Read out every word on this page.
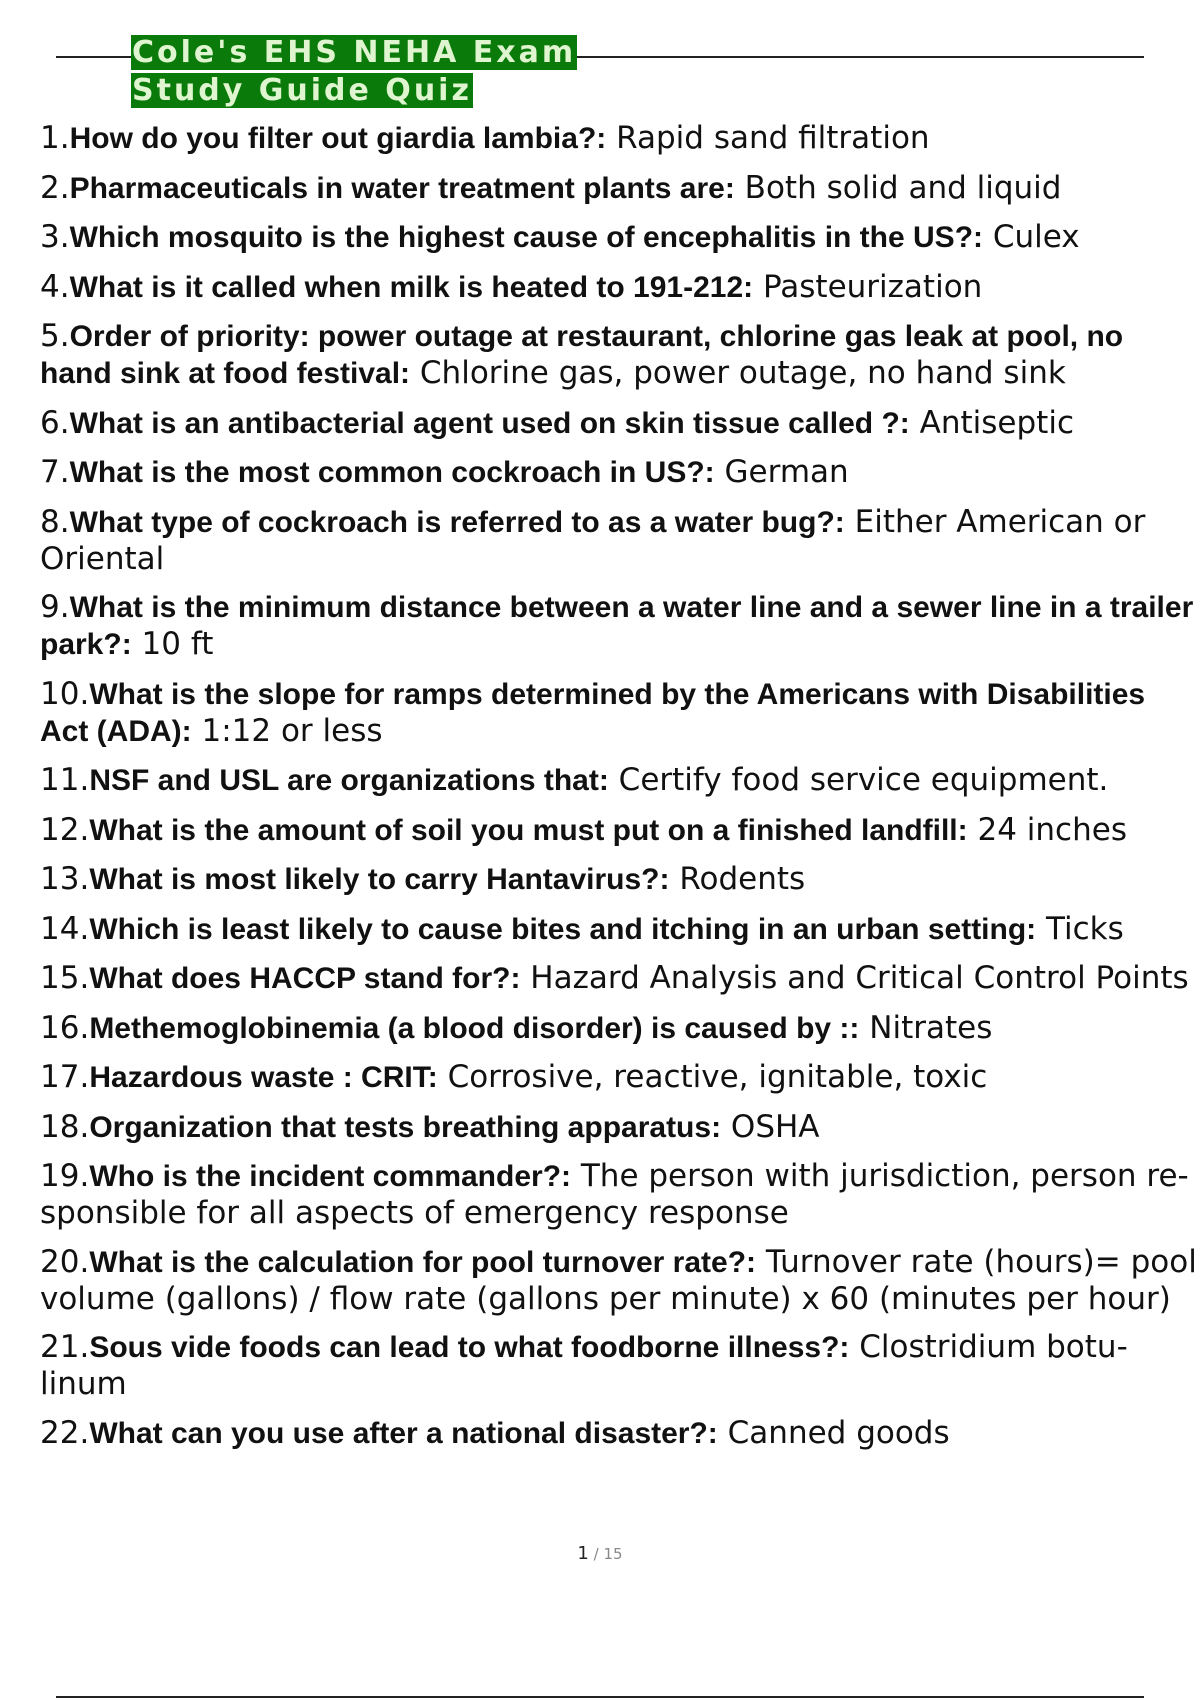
Cole's EHS NEHA Exam Study Guide Quiz
1.How do you filter out giardia lambia?: Rapid sand filtration
2.Pharmaceuticals in water treatment plants are: Both solid and liquid
3.Which mosquito is the highest cause of encephalitis in the US?: Culex
4.What is it called when milk is heated to 191-212: Pasteurization
5.Order of priority: power outage at restaurant, chlorine gas leak at pool, no hand sink at food festival: Chlorine gas, power outage, no hand sink
6.What is an antibacterial agent used on skin tissue called ?: Antiseptic
7.What is the most common cockroach in US?: German
8.What type of cockroach is referred to as a water bug?: Either American or Oriental
9.What is the minimum distance between a water line and a sewer line in a trailer park?: 10 ft
10.What is the slope for ramps determined by the Americans with Disabilities Act (ADA): 1:12 or less
11.NSF and USL are organizations that: Certify food service equipment.
12.What is the amount of soil you must put on a finished landfill: 24 inches
13.What is most likely to carry Hantavirus?: Rodents
14.Which is least likely to cause bites and itching in an urban setting: Ticks
15.What does HACCP stand for?: Hazard Analysis and Critical Control Points
16.Methemoglobinemia (a blood disorder) is caused by :: Nitrates
17.Hazardous waste : CRIT: Corrosive, reactive, ignitable, toxic
18.Organization that tests breathing apparatus: OSHA
19.Who is the incident commander?: The person with jurisdiction, person re- sponsible for all aspects of emergency response
20.What is the calculation for pool turnover rate?: Turnover rate (hours)= pool volume (gallons) / flow rate (gallons per minute) x 60 (minutes per hour)
21.Sous vide foods can lead to what foodborne illness?: Clostridium botu- linum
22.What can you use after a national disaster?: Canned goods
1 / 15
